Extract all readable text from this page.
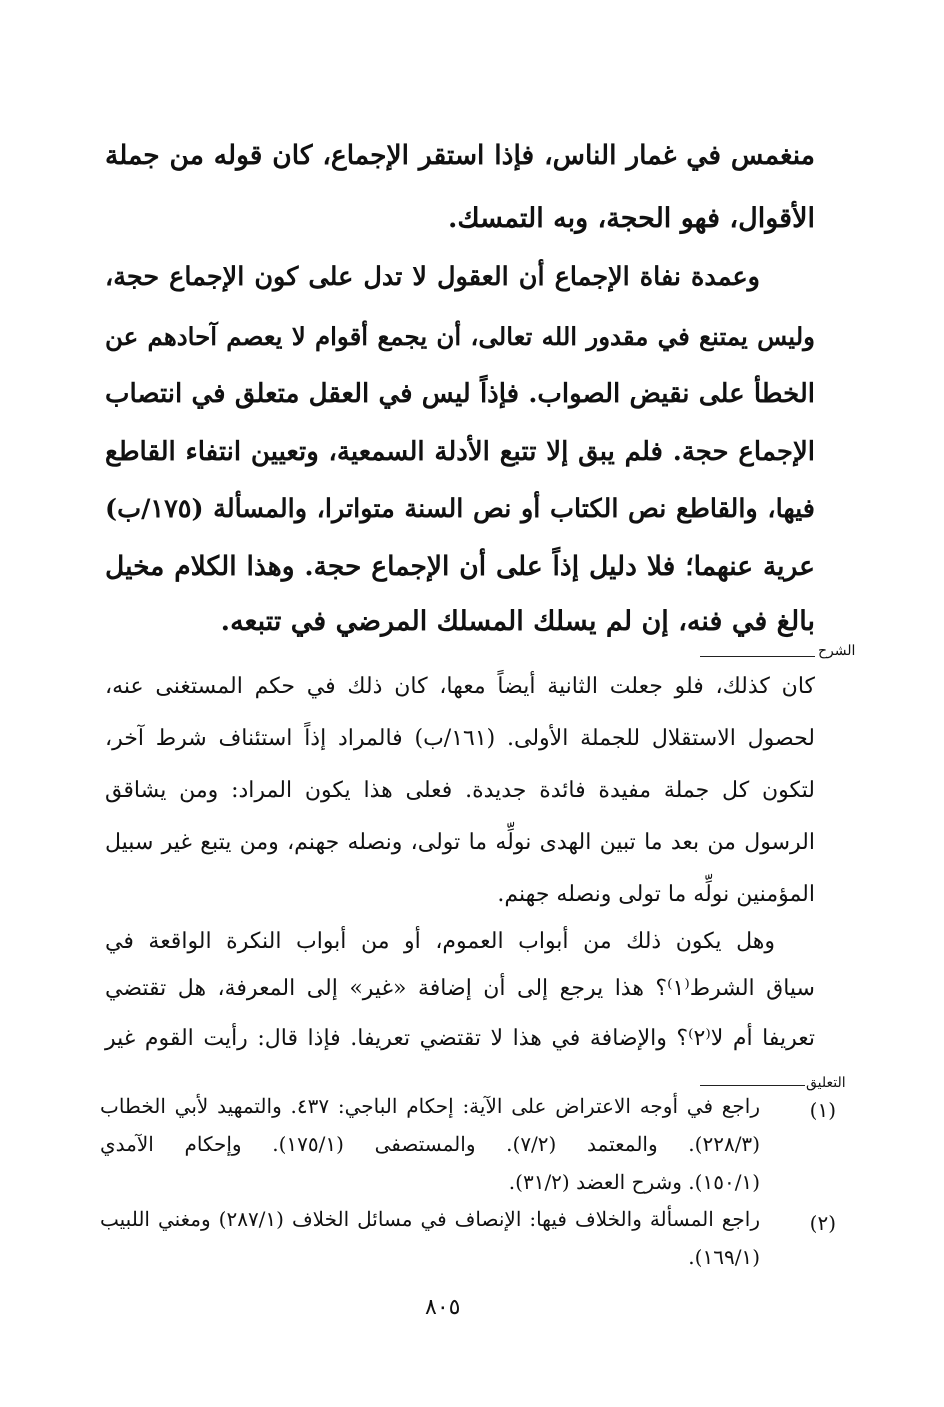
منغمس في غمار الناس، فإذا استقر الإجماع، كان قوله من جملة
الأقوال، فهو الحجة، وبه التمسك.
وعمدة نفاة الإجماع أن العقول لا تدل على كون الإجماع حجة،
وليس يمتنع في مقدور الله تعالى، أن يجمع أقوام لا يعصم آحادهم عن
الخطأ على نقيض الصواب. فإذاً ليس في العقل متعلق في انتصاب
الإجماع حجة. فلم يبق إلا تتبع الأدلة السمعية، وتعيين انتفاء القاطع
فيها، والقاطع نص الكتاب أو نص السنة متواترا، والمسألة (١٧٥/ب)
عرية عنهما؛ فلا دليل إذاً على أن الإجماع حجة. وهذا الكلام مخيل
بالغ في فنه، إن لم يسلك المسلك المرضي في تتبعه.
الشرح
كان كذلك، فلو جعلت الثانية أيضاً معها، كان ذلك في حكم المستغنى عنه،
لحصول الاستقلال للجملة الأولى. (١٦١/ب) فالمراد إذاً استئناف شرط آخر،
لتكون كل جملة مفيدة فائدة جديدة. فعلى هذا يكون المراد: ومن يشاقق
الرسول من بعد ما تبين الهدى نولِّه ما تولى، ونصله جهنم، ومن يتبع غير سبيل
المؤمنين نولِّه ما تولى ونصله جهنم.
وهل يكون ذلك من أبواب العموم، أو من أبواب النكرة الواقعة في
سياق الشرط⁽١⁾؟ هذا يرجع إلى أن إضافة «غير» إلى المعرفة، هل تقتضي
تعريفا أم لا⁽٢⁾؟ والإضافة في هذا لا تقتضي تعريفا. فإذا قال: رأيت القوم غير
التعليق
(١)
راجع في أوجه الاعتراض على الآية: إحكام الباجي: ٤٣٧. والتمهيد لأبي الخطاب
(٢٢٨/٣). والمعتمد (٧/٢). والمستصفى (١٧٥/١). وإحكام الآمدي
(١٥٠/١). وشرح العضد (٣١/٢).
(٢)
راجع المسألة والخلاف فيها: الإنصاف في مسائل الخلاف (٢٨٧/١) ومغني اللبيب
(١٦٩/١).
٨٠٥
